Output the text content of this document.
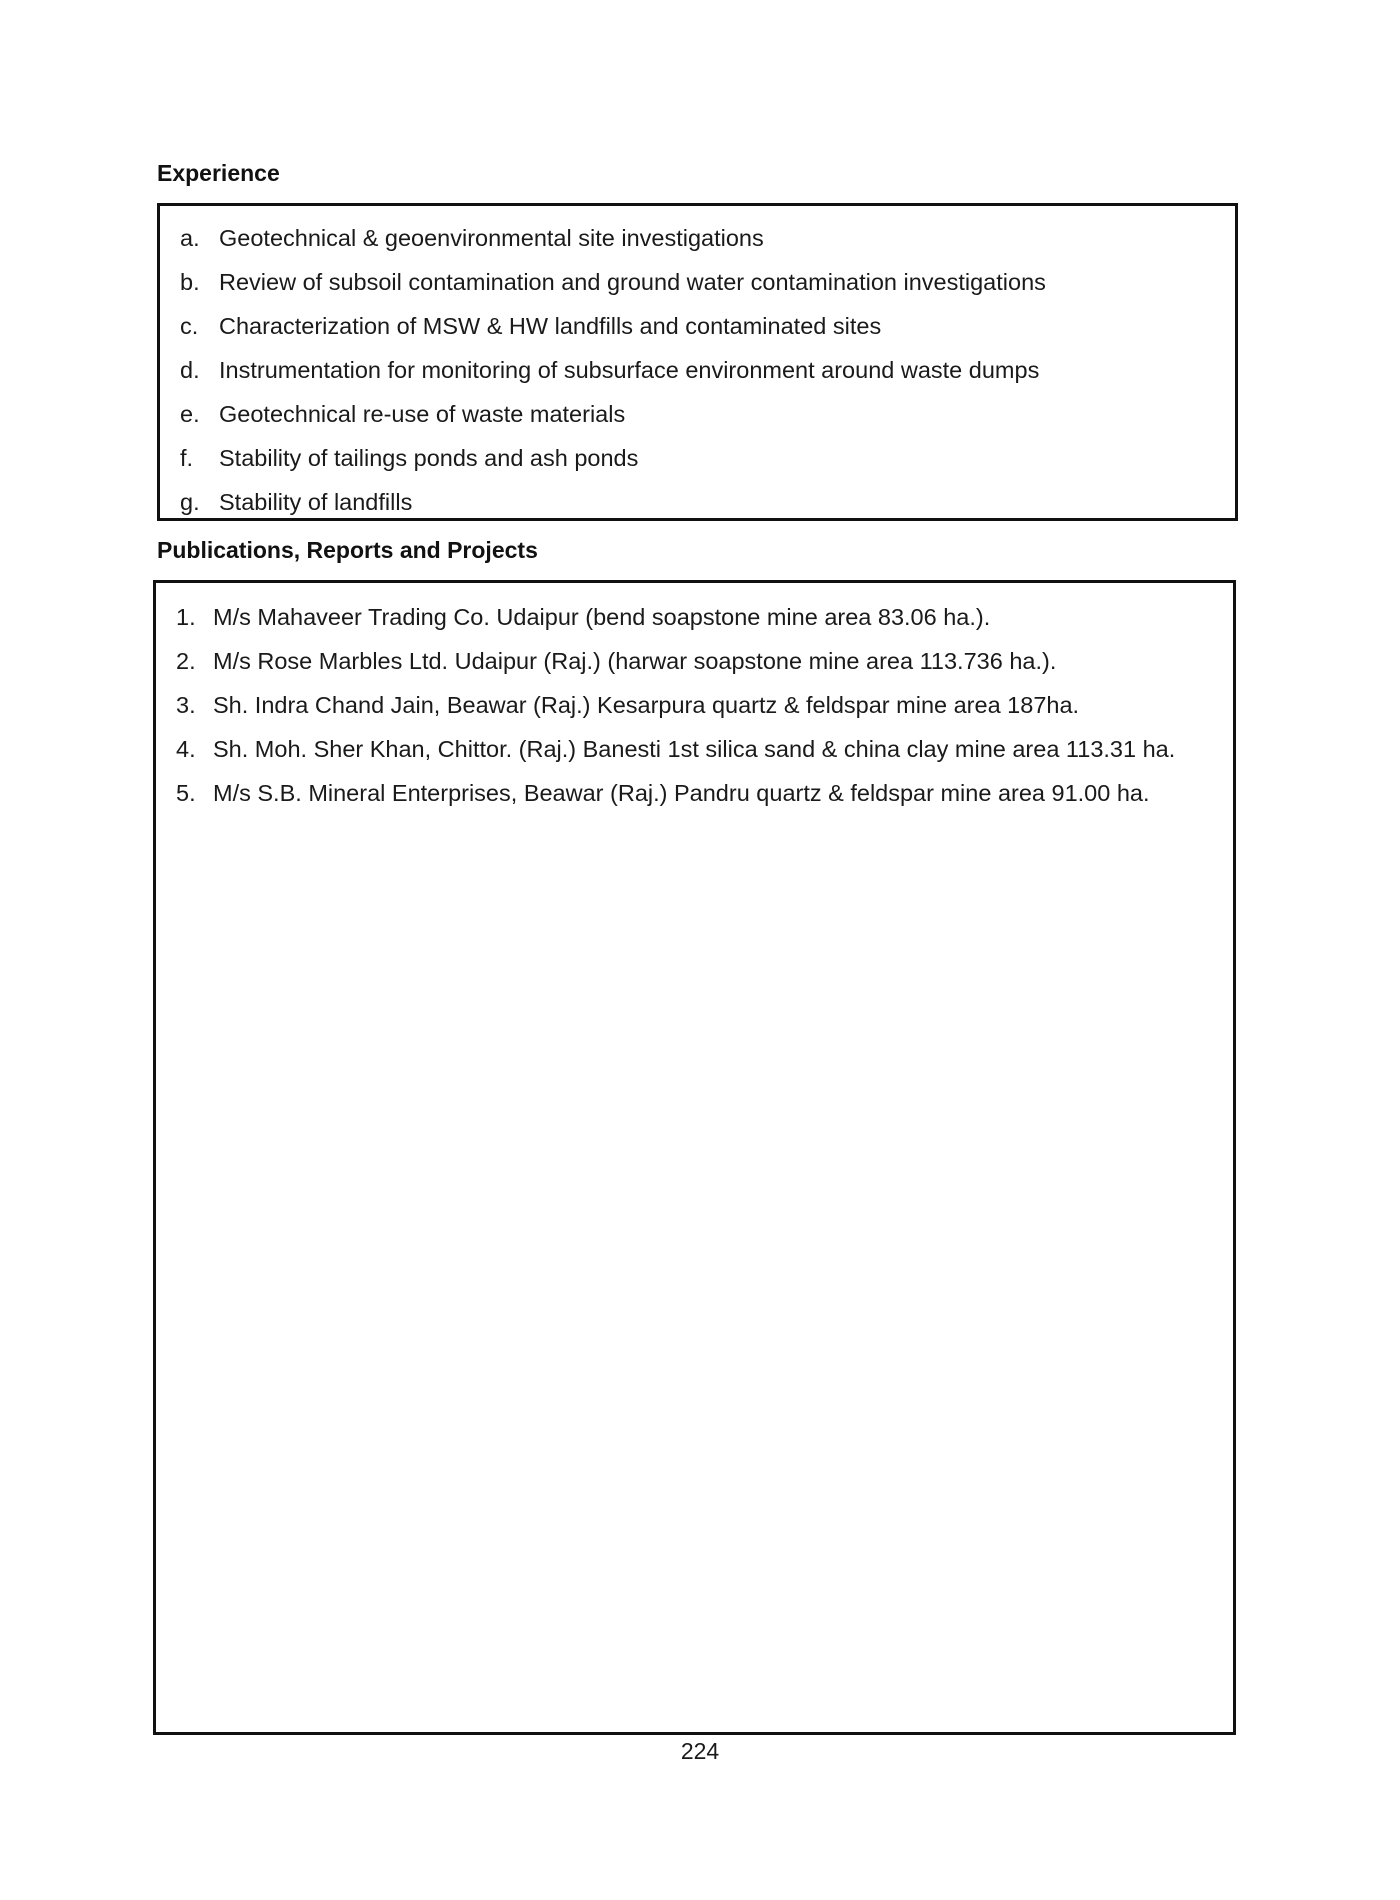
Experience
a. Geotechnical & geoenvironmental site investigations
b. Review of subsoil contamination and ground water contamination investigations
c. Characterization of MSW & HW landfills and contaminated sites
d. Instrumentation for monitoring of subsurface environment around waste dumps
e. Geotechnical re-use of waste materials
f.	Stability of tailings ponds and ash ponds
g. Stability of landfills
Publications, Reports and Projects
1. M/s Mahaveer Trading Co. Udaipur (bend soapstone mine area 83.06 ha.).
2. M/s Rose Marbles Ltd. Udaipur (Raj.) (harwar soapstone mine area 113.736 ha.).
3. Sh. Indra Chand Jain, Beawar (Raj.) Kesarpura quartz & feldspar mine area 187ha.
4. Sh. Moh. Sher Khan, Chittor. (Raj.) Banesti 1st silica sand & china clay mine area 113.31 ha.
5. M/s S.B. Mineral Enterprises, Beawar (Raj.) Pandru quartz & feldspar mine area 91.00 ha.
224
